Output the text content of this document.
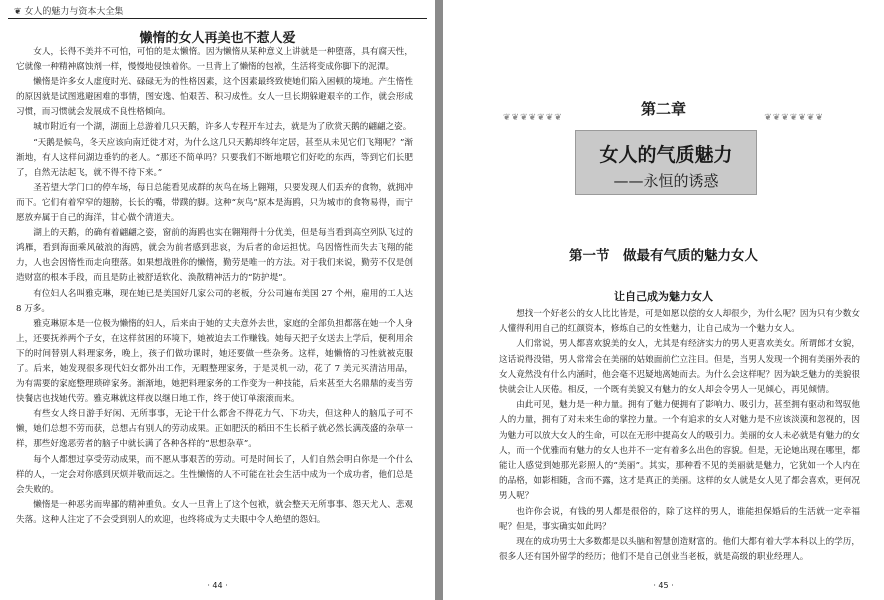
❦ 女人的魅力与资本大全集
懒惰的女人再美也不惹人爱

女人，长得不美并不可怕，可怕的是太懒惰。因为懒惰从某种意义上讲就是一种堕落，具有腐天性，它就像一种精神腐蚀剂一样，慢慢地侵蚀着你。一旦背上了懒惰的包袱，生活将变成你脚下的泥潭。

懒惰是许多女人虚度时光、碌碌无为的性格因素，这个因素最终致使她们陷入困顿的境地。产生惰性的原因就是试图逃避困难的事情，图安逸、怕艰苦、积习成性。女人一旦长期躲避艰辛的工作，就会形成习惯，而习惯就会发展成不良性格倾向。

城市附近有一个湖，湖面上总游着几只天鹅，许多人专程开车过去，就是为了欣赏天鹅的翩翩之姿。

“天鹅是候鸟，冬天应该向南迁徙才对，为什么这几只天鹅却终年定居，甚至从未见它们飞翔呢？”渐渐地，有人这样问湖边垂钓的老人。“那还不简单吗？只要我们不断地喂它们好吃的东西，等到它们长肥了，自然无法起飞，就不得不待下来。”

圣若望大学门口的停车场，每日总能看见成群的灰鸟在场上翱翔，只要发现人们丢弃的食物，就拥冲而下。它们有着窄窄的翅膀，长长的嘴，带蹼的脚。这种“灰鸟”原本是海鸥，只为城市的食物易得，而宁愿放弃属于自己的海洋，甘心做个清道夫。

湖上的天鹅，的确有着翩翩之姿，窗前的海鸥也实在翱翔得十分优美，但是每当看到高空列队飞过的鸿雁，看到海面乘风破浪的海鸥，就会为前者感到悲哀，为后者的命运担忧。鸟因惰性而失去飞翔的能力，人也会因惰性而走向堕落。如果想战胜你的懒惰，勤劳是唯一的方法。对于我们来说，勤劳不仅是创造财富的根本手段，而且是防止被舒适软化、涣散精神活力的“防护堤”。

有位妇人名叫雅克琳，现在她已是美国好几家公司的老板，分公司遍布美国 27 个州，雇用的工人达 8 万多。

雅克琳原本是一位极为懒惰的妇人，后来由于她的丈夫意外去世，家庭的全部负担都落在她一个人身上，还要抚养两个子女，在这样贫困的环境下，她被迫去工作赚钱。她每天把子女送去上学后，便利用余下的时间替别人料理家务，晚上，孩子们做功课时，她还要做一些杂务。这样，她懒惰的习性就被克服了。后来，她发现很多现代妇女都外出工作，无暇整理家务，于是灵机一动，花了 7 美元买清洁用品，为有需要的家庭整理琐碎家务。渐渐地，她把料理家务的工作变为一种技能，后来甚至大名鼎鼎的麦当劳快餐店也找她代劳。雅克琳就这样夜以继日地工作，终于使订单滚滚而来。

有些女人终日游手好闲、无所事事，无论干什么都舍不得花力气、下功夫，但这种人的脑瓜子可不懒，她们总想不劳而获，总想占有别人的劳动成果。正如肥沃的稻田不生长稻子就必然长满茂盛的杂草一样，那些好逸恶劳者的脑子中就长满了各种各样的“思想杂草”。

每个人都想过享受劳动成果，而不愿从事艰苦的劳动。可是时间长了，人们自然会明白你是一个什么样的人，一定会对你感到厌烦并敬而远之。生性懒惰的人不可能在社会生活中成为一个成功者，他们总是会失败的。

懒惰是一种恶劣而卑鄙的精神重负。女人一旦背上了这个包袱，就会整天无所事事、怨天尤人、悲观失落。这种人注定了不会受到别人的欢迎，也终将成为丈夫眼中令人绝望的怨妇。

· 44 ·
第二章
❦❦❦❦❦❦❦	❦❦❦❦❦❦❦
女人的气质魅力
——永恒的诱惑
第一节　做最有气质的魅力女人
让自己成为魅力女人

想找一个好老公的女人比比皆是，可是如愿以偿的女人却很少，为什么呢？因为只有少数女人懂得利用自己的红颜资本，修炼自己的女性魅力，让自己成为一个魅力女人。

人们常说，男人都喜欢貌美的女人，尤其是有经济实力的男人更喜欢美女。所谓郎才女貌，这话说得没错，男人常常会在美丽的姑娘面前伫立注目。但是，当男人发现一个拥有美丽外表的女人竟然没有什么内涵时，他会毫不迟疑地离她而去。为什么会这样呢？因为缺乏魅力的美貌很快就会让人厌倦。相反，一个既有美貌又有魅力的女人却会令男人一见倾心，再见倾情。

由此可见，魅力是一种力量。拥有了魅力便拥有了影响力、吸引力，甚至拥有驱动和驾驭他人的力量，拥有了对未来生命的掌控力量。一个有追求的女人对魅力是不应该淡漠和忽视的，因为魅力可以放大女人的生命，可以在无形中提高女人的吸引力。美丽的女人未必就是有魅力的女人，而一个优雅而有魅力的女人也并不一定有着多么出色的容貌。但是，无论她出现在哪里，都能让人感觉到她那光彩照人的“美丽”。其实，那种看不见的美丽就是魅力，它犹如一个人内在的品格，如影相随，含而不露，这才是真正的美丽。这样的女人就是女人见了都会喜欢，更何况男人呢？

也许你会说，有钱的男人都是很俗的，除了这样的男人，谁能担保婚后的生活就一定幸福呢？但是，事实确实如此吗？

现在的成功男士大多数都是以头脑和智慧创造财富的。他们大都有着大学本科以上的学历，很多人还有国外留学的经历；他们不是自己创业当老板，就是高级的职业经理人。

· 45 ·
